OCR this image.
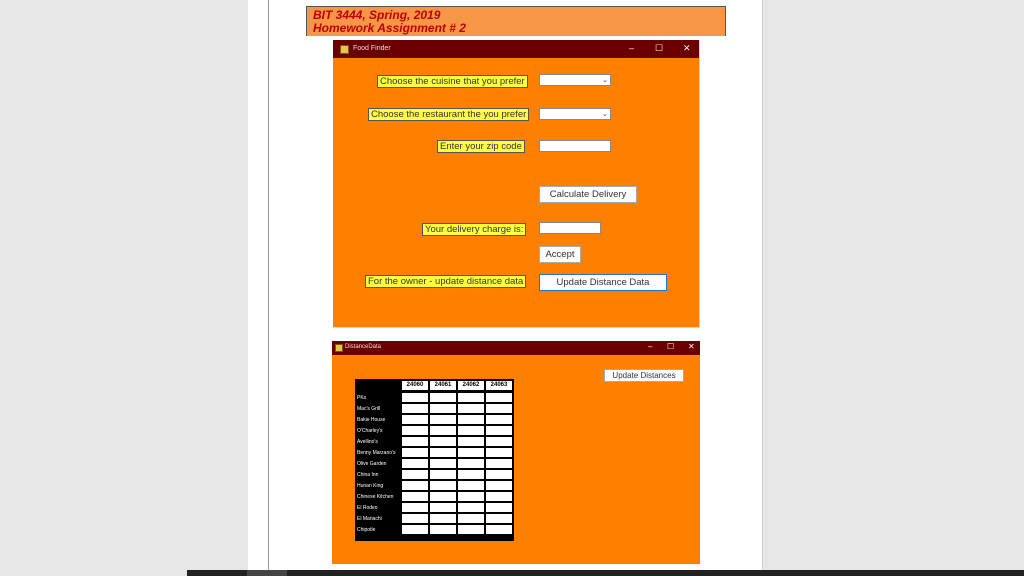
BIT 3444, Spring, 2019
Homework Assignment # 2
Food Finder	– ☐ ✕
Choose the cuisine that you prefer	⌄
Choose the restaurant the you prefer	⌄
Enter your zip code
Calculate Delivery
Your delivery charge is:
Accept
For the owner - update distance data	Update Distance Data
DistanceData	– ☐ ✕
Update Distances
24060	24061	24062	24063
PKs
Mac's Grill
Bakie House
O'Charley's
Avellino's
Benny Marzano's
Olive Garden
China Inn
Hunan King
Chinese Kitchen
El Rodeo
El Mariachi
Chipotle
